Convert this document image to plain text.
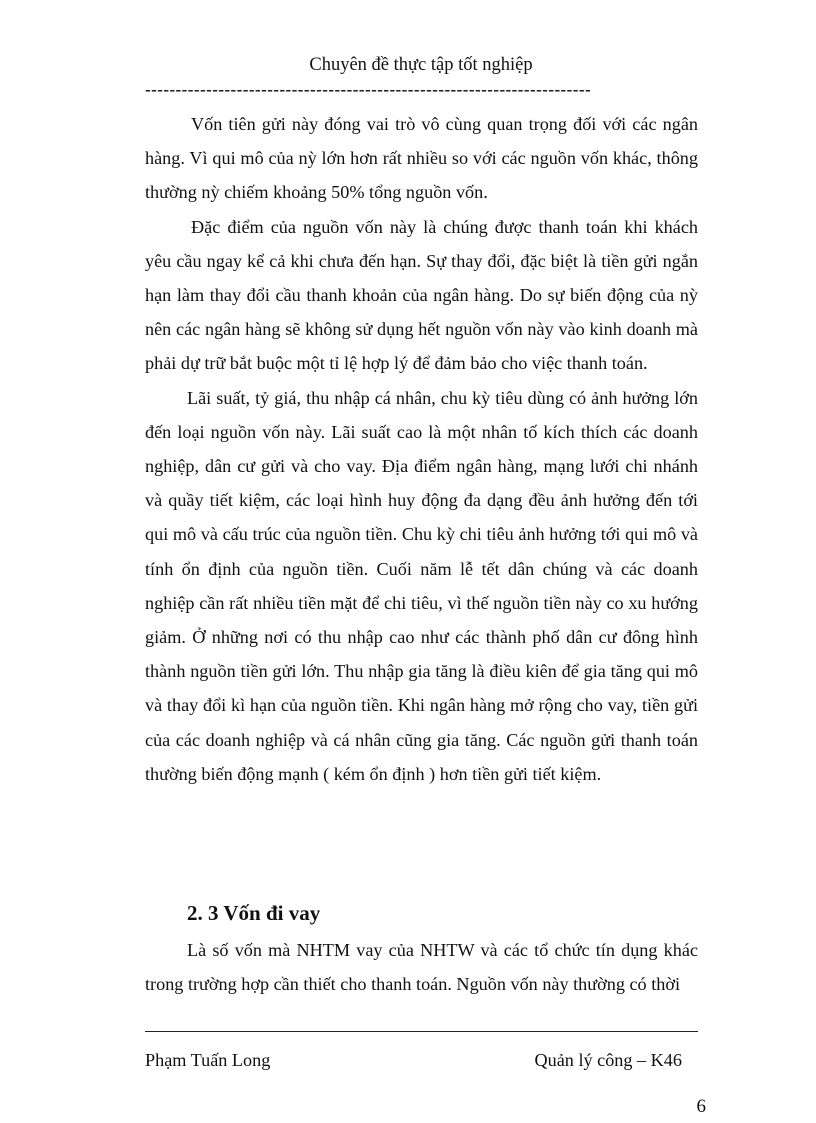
Chuyên đề thực tập tốt nghiệp
-------------------------------------------------------------------------

Vốn tiên gửi này đóng vai trò vô cùng quan trọng đối với các ngân hàng. Vì qui mô của nỳ lớn hơn rất nhiều so với các nguồn vốn khác, thông thường nỳ chiếm khoảng 50% tổng nguồn vốn.

Đặc điểm của nguồn vốn này là chúng được thanh toán khi khách yêu cầu ngay kể cả khi chưa đến hạn. Sự thay đổi, đặc biệt là tiền gửi ngắn hạn làm thay đổi cầu thanh khoản của ngân hàng. Do sự biến động của nỳ nên các ngân hàng sẽ không sử dụng hết nguồn vốn này vào kinh doanh mà phải dự trữ bắt buộc một tỉ lệ hợp lý để đảm bảo cho việc thanh toán.

Lãi suất, tỷ giá, thu nhập cá nhân, chu kỳ tiêu dùng có ảnh hưởng lớn đến loại nguồn vốn này. Lãi suất cao là một nhân tố kích thích các doanh nghiệp, dân cư gửi và cho vay. Địa điểm ngân hàng, mạng lưới chi nhánh và quầy tiết kiệm, các loại hình huy động đa dạng đều ảnh hưởng đến tới qui mô và cấu trúc của nguồn tiền. Chu kỳ chi tiêu ảnh hưởng tới qui mô và tính ổn định của nguồn tiền. Cuối năm lễ tết dân chúng và các doanh nghiệp cần rất nhiều tiền mặt để chi tiêu, vì thế nguồn tiền này co xu hướng giảm. Ở những nơi có thu nhập cao như các thành phố dân cư đông hình thành nguồn tiền gửi lớn. Thu nhập gia tăng là điều kiên để gia tăng qui mô và thay đổi kì hạn của nguồn tiền. Khi ngân hàng mở rộng cho vay, tiền gửi của các doanh nghiệp và cá nhân cũng gia tăng. Các nguồn gửi thanh toán thường biến động mạnh ( kém ổn định ) hơn tiền gửi tiết kiệm.

2. 3 Vốn đi vay

Là số vốn mà NHTM vay của NHTW và các tổ chức tín dụng khác trong trường hợp cần thiết cho thanh toán. Nguồn vốn này thường có thời

Phạm Tuấn Long	Quản lý công – K46
6
